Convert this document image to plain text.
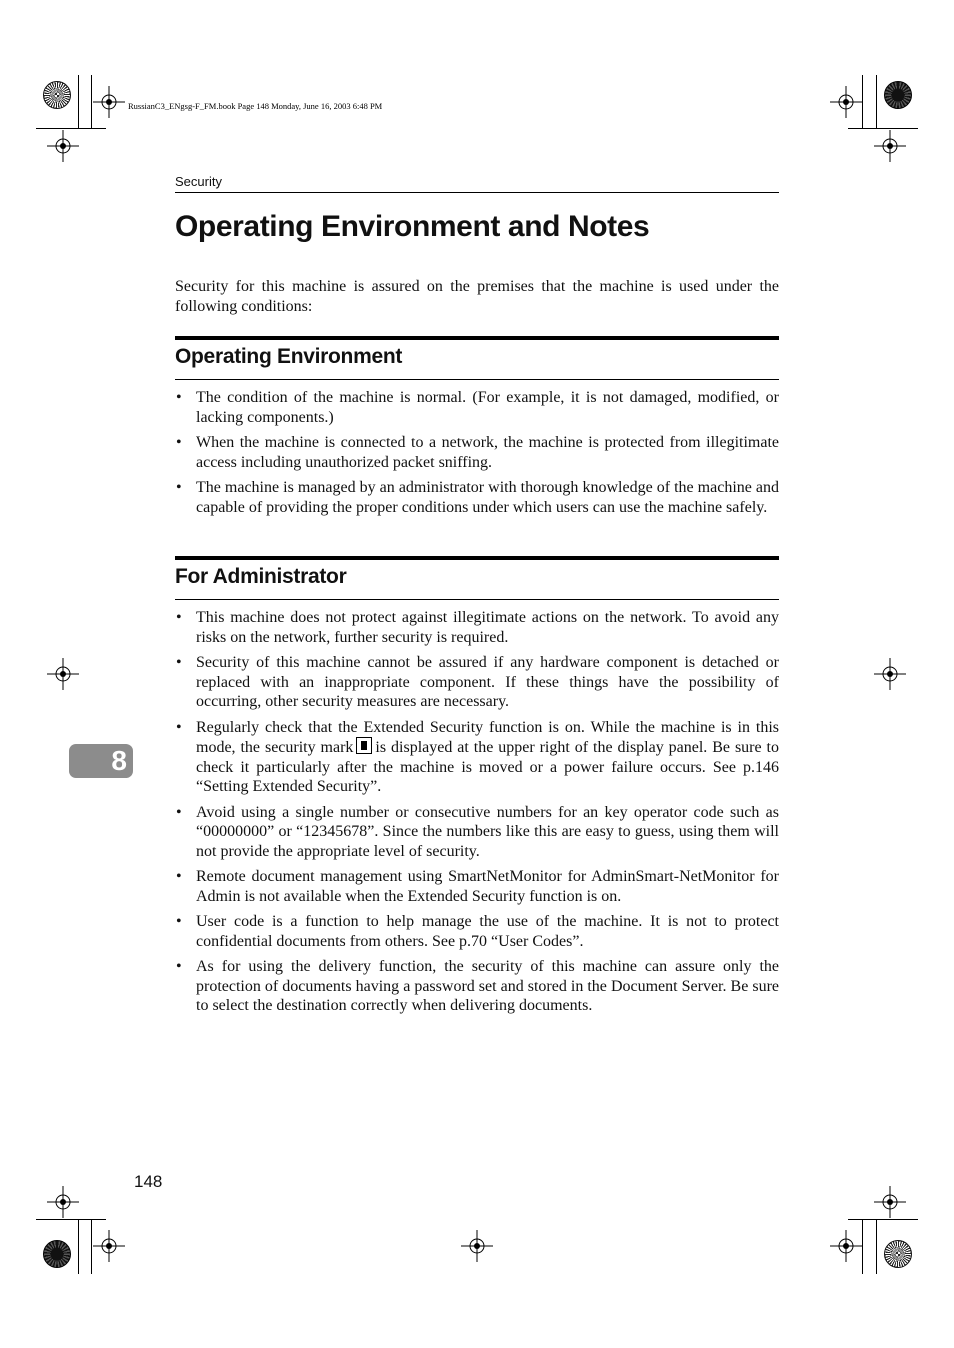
RussianC3_ENgsg-F_FM.book Page 148 Monday, June 16, 2003 6:48 PM
Security
Operating Environment and Notes

Security for this machine is assured on the premises that the machine is used under the following conditions:

Operating Environment
• The condition of the machine is normal. (For example, it is not damaged, modified, or lacking components.)
• When the machine is connected to a network, the machine is protected from illegitimate access including unauthorized packet sniffing.
• The machine is managed by an administrator with thorough knowledge of the machine and capable of providing the proper conditions under which users can use the machine safely.
For Administrator
• This machine does not protect against illegitimate actions on the network. To avoid any risks on the network, further security is required.
• Security of this machine cannot be assured if any hardware component is detached or replaced with an inappropriate component. If these things have the possibility of occurring, other security measures are necessary.
• Regularly check that the Extended Security function is on. While the machine is in this mode, the security mark is displayed at the upper right of the display panel. Be sure to check it particularly after the machine is moved or a power failure occurs. See p.146 “Setting Extended Security”.
• Avoid using a single number or consecutive numbers for an key operator code such as “00000000” or “12345678”. Since the numbers like this are easy to guess, using them will not provide the appropriate level of security.
• Remote document management using SmartNetMonitor for AdminSmart-NetMonitor for Admin is not available when the Extended Security function is on.
• User code is a function to help manage the use of the machine. It is not to protect confidential documents from others. See p.70 “User Codes”.
• As for using the delivery function, the security of this machine can assure only the protection of documents having a password set and stored in the Document Server. Be sure to select the destination correctly when delivering documents.
8
148
